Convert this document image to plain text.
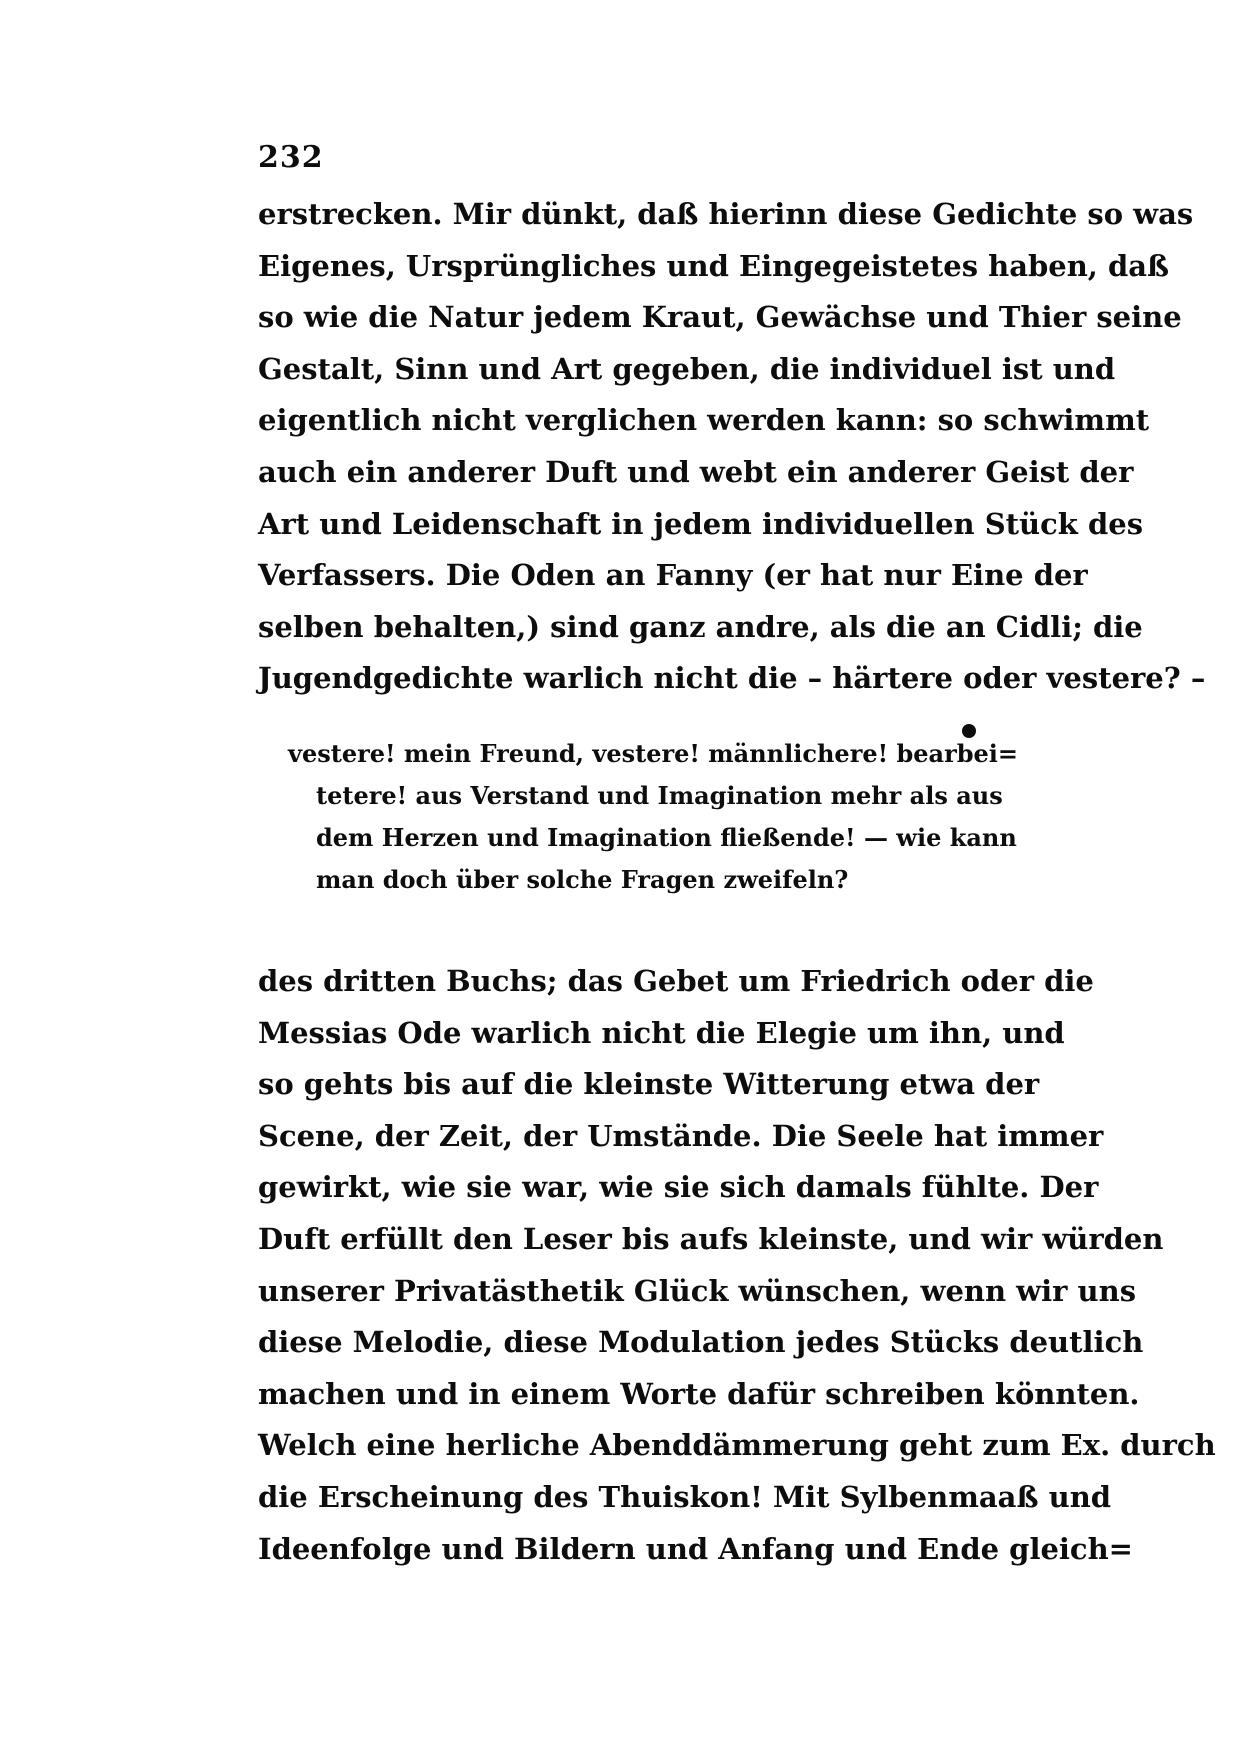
232
erstrecken. Mir dünkt, daß hierinn diese Gedichte so was
Eigenes, Ursprüngliches und Eingegeistetes haben, daß
so wie die Natur jedem Kraut, Gewächse und Thier seine
Gestalt, Sinn und Art gegeben, die individuel ist und
eigentlich nicht verglichen werden kann: so schwimmt
auch ein anderer Duft und webt ein anderer Geist der
Art und Leidenschaft in jedem individuellen Stück des
Verfassers. Die Oden an Fanny (er hat nur Eine der
selben behalten,) sind ganz andre, als die an Cidli; die
Jugendgedichte warlich nicht die – härtere oder vestere? –
vestere! mein Freund, vestere! männlichere! bearbei=
tetere! aus Verstand und Imagination mehr als aus
dem Herzen und Imagination fließende! — wie kann
man doch über solche Fragen zweifeln?
des dritten Buchs; das Gebet um Friedrich oder die
Messias Ode warlich nicht die Elegie um ihn, und
so gehts bis auf die kleinste Witterung etwa der
Scene, der Zeit, der Umstände. Die Seele hat immer
gewirkt, wie sie war, wie sie sich damals fühlte. Der
Duft erfüllt den Leser bis aufs kleinste, und wir würden
unserer Privatästhetik Glück wünschen, wenn wir uns
diese Melodie, diese Modulation jedes Stücks deutlich
machen und in einem Worte dafür schreiben könnten.
Welch eine herliche Abenddämmerung geht zum Ex. durch
die Erscheinung des Thuiskon! Mit Sylbenmaaß und
Ideenfolge und Bildern und Anfang und Ende gleich=
